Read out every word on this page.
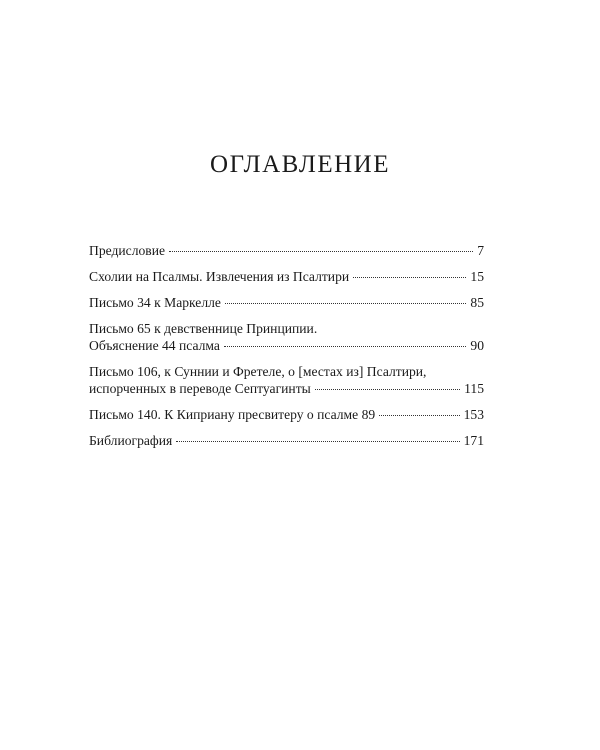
ОГЛАВЛЕНИЕ
Предисловие	7
Схолии на Псалмы. Извлечения из Псалтири	15
Письмо 34 к Маркелле	85
Письмо 65 к девственнице Принципии.
Объяснение 44 псалма	90
Письмо 106, к Суннии и Фретеле, о [местах из] Псалтири,
испорченных в переводе Септуагинты	115
Письмо 140. К Киприану пресвитеру о псалме 89	153
Библиография	171
